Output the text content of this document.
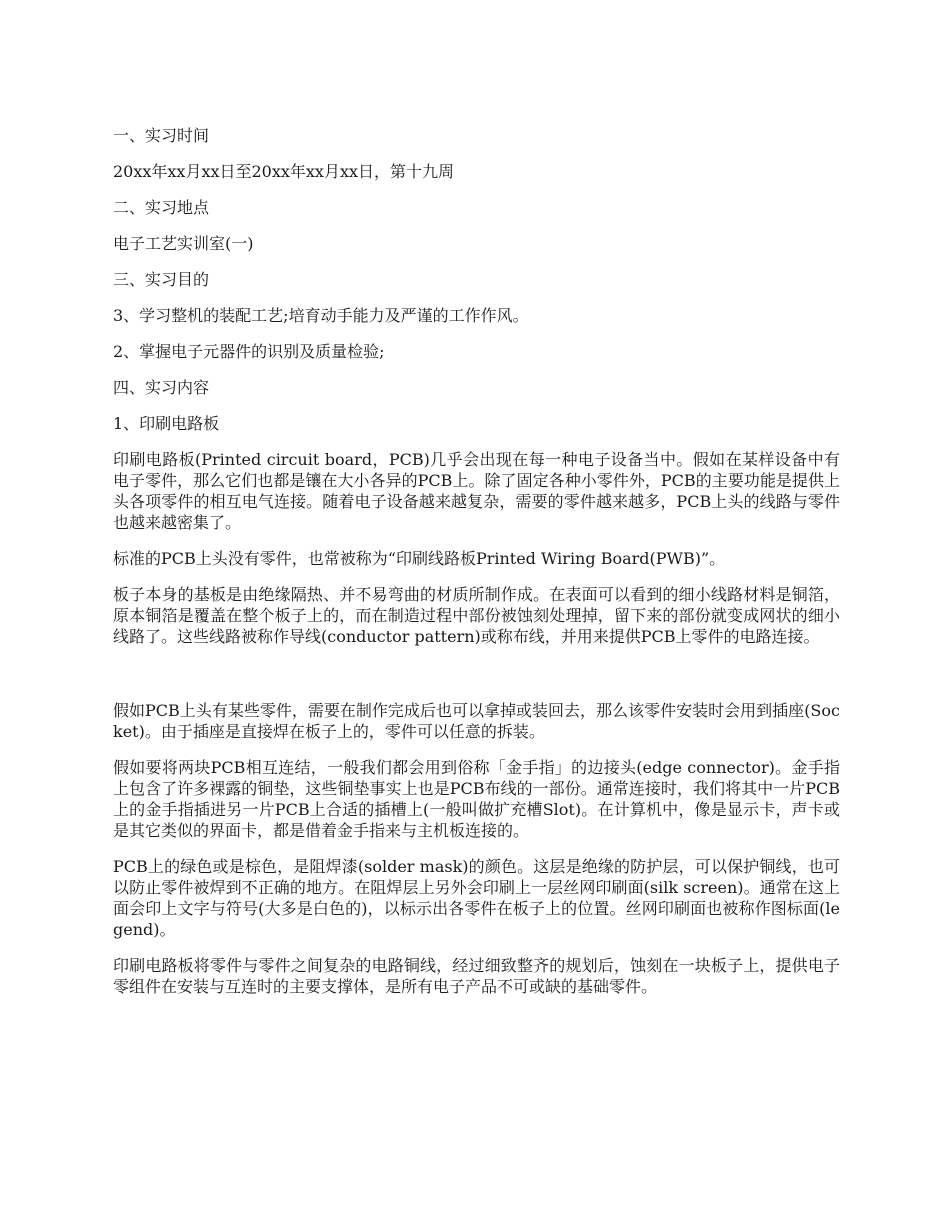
一、实习时间

20xx年xx月xx日至20xx年xx月xx日，第十九周

二、实习地点

电子工艺实训室(一)

三、实习目的

3、学习整机的装配工艺;培育动手能力及严谨的工作作风。

2、掌握电子元器件的识别及质量检验;

四、实习内容

1、印刷电路板

印刷电路板(Printed circuit board，PCB)几乎会出现在每一种电子设备当中。假如在某样设备中有电子零件，那么它们也都是镶在大小各异的PCB上。除了固定各种小零件外，PCB的主要功能是提供上头各项零件的相互电气连接。随着电子设备越来越复杂，需要的零件越来越多，PCB上头的线路与零件也越来越密集了。

标准的PCB上头没有零件，也常被称为“印刷线路板Printed Wiring Board(PWB)”。

板子本身的基板是由绝缘隔热、并不易弯曲的材质所制作成。在表面可以看到的细小线路材料是铜箔，原本铜箔是覆盖在整个板子上的，而在制造过程中部份被蚀刻处理掉，留下来的部份就变成网状的细小线路了。这些线路被称作导线(conductor pattern)或称布线，并用来提供PCB上零件的电路连接。

假如PCB上头有某些零件，需要在制作完成后也可以拿掉或装回去，那么该零件安装时会用到插座(Socket)。由于插座是直接焊在板子上的，零件可以任意的拆装。

假如要将两块PCB相互连结，一般我们都会用到俗称「金手指」的边接头(edge connector)。金手指上包含了许多裸露的铜垫，这些铜垫事实上也是PCB布线的一部份。通常连接时，我们将其中一片PCB上的金手指插进另一片PCB上合适的插槽上(一般叫做扩充槽Slot)。在计算机中，像是显示卡，声卡或是其它类似的界面卡，都是借着金手指来与主机板连接的。

PCB上的绿色或是棕色，是阻焊漆(solder mask)的颜色。这层是绝缘的防护层，可以保护铜线，也可以防止零件被焊到不正确的地方。在阻焊层上另外会印刷上一层丝网印刷面(silk screen)。通常在这上面会印上文字与符号(大多是白色的)，以标示出各零件在板子上的位置。丝网印刷面也被称作图标面(legend)。

印刷电路板将零件与零件之间复杂的电路铜线，经过细致整齐的规划后，蚀刻在一块板子上，提供电子零组件在安装与互连时的主要支撑体，是所有电子产品不可或缺的基础零件。
